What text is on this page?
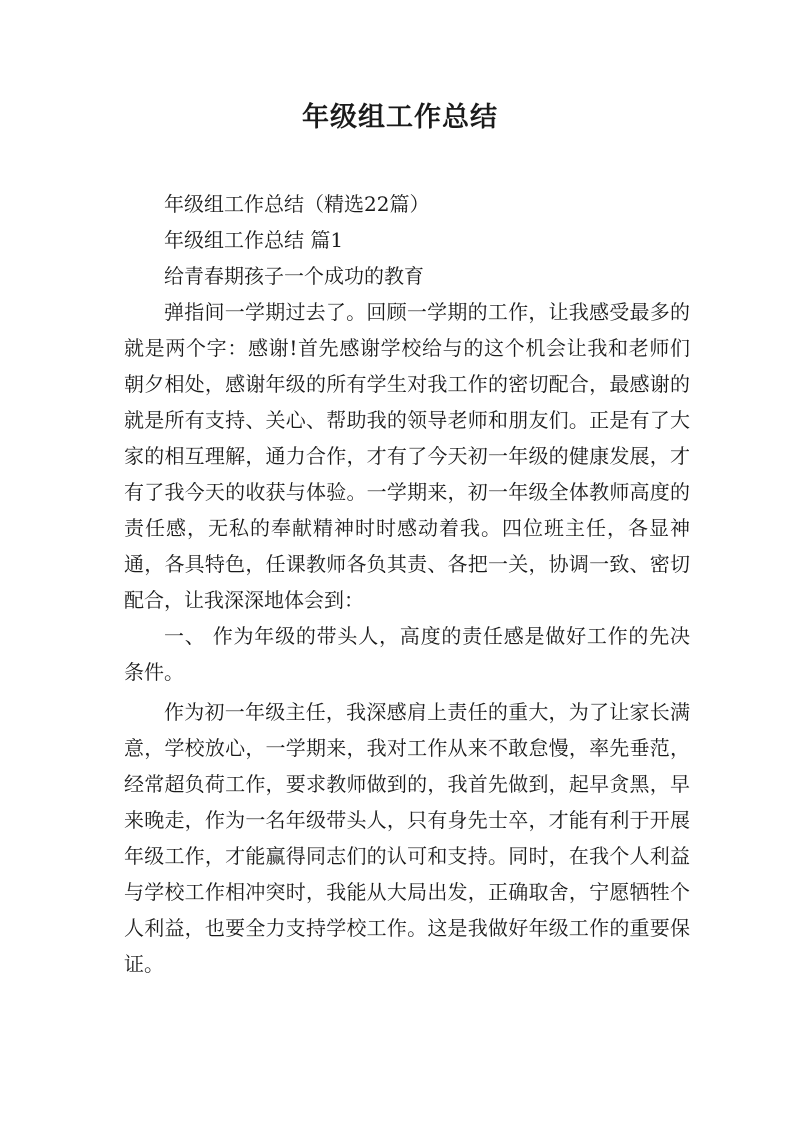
年级组工作总结

年级组工作总结（精选22篇）

年级组工作总结 篇1

给青春期孩子一个成功的教育

弹指间一学期过去了。回顾一学期的工作，让我感受最多的就是两个字：感谢!首先感谢学校给与的这个机会让我和老师们朝夕相处，感谢年级的所有学生对我工作的密切配合，最感谢的就是所有支持、关心、帮助我的领导老师和朋友们。正是有了大家的相互理解，通力合作，才有了今天初一年级的健康发展，才有了我今天的收获与体验。一学期来，初一年级全体教师高度的责任感，无私的奉献精神时时感动着我。四位班主任，各显神通，各具特色，任课教师各负其责、各把一关，协调一致、密切配合，让我深深地体会到：

一、 作为年级的带头人，高度的责任感是做好工作的先决条件。

作为初一年级主任，我深感肩上责任的重大，为了让家长满意，学校放心，一学期来，我对工作从来不敢怠慢，率先垂范，经常超负荷工作，要求教师做到的，我首先做到，起早贪黑，早来晚走，作为一名年级带头人，只有身先士卒，才能有利于开展年级工作，才能赢得同志们的认可和支持。同时，在我个人利益与学校工作相冲突时，我能从大局出发，正确取舍，宁愿牺牲个人利益，也要全力支持学校工作。这是我做好年级工作的重要保证。
